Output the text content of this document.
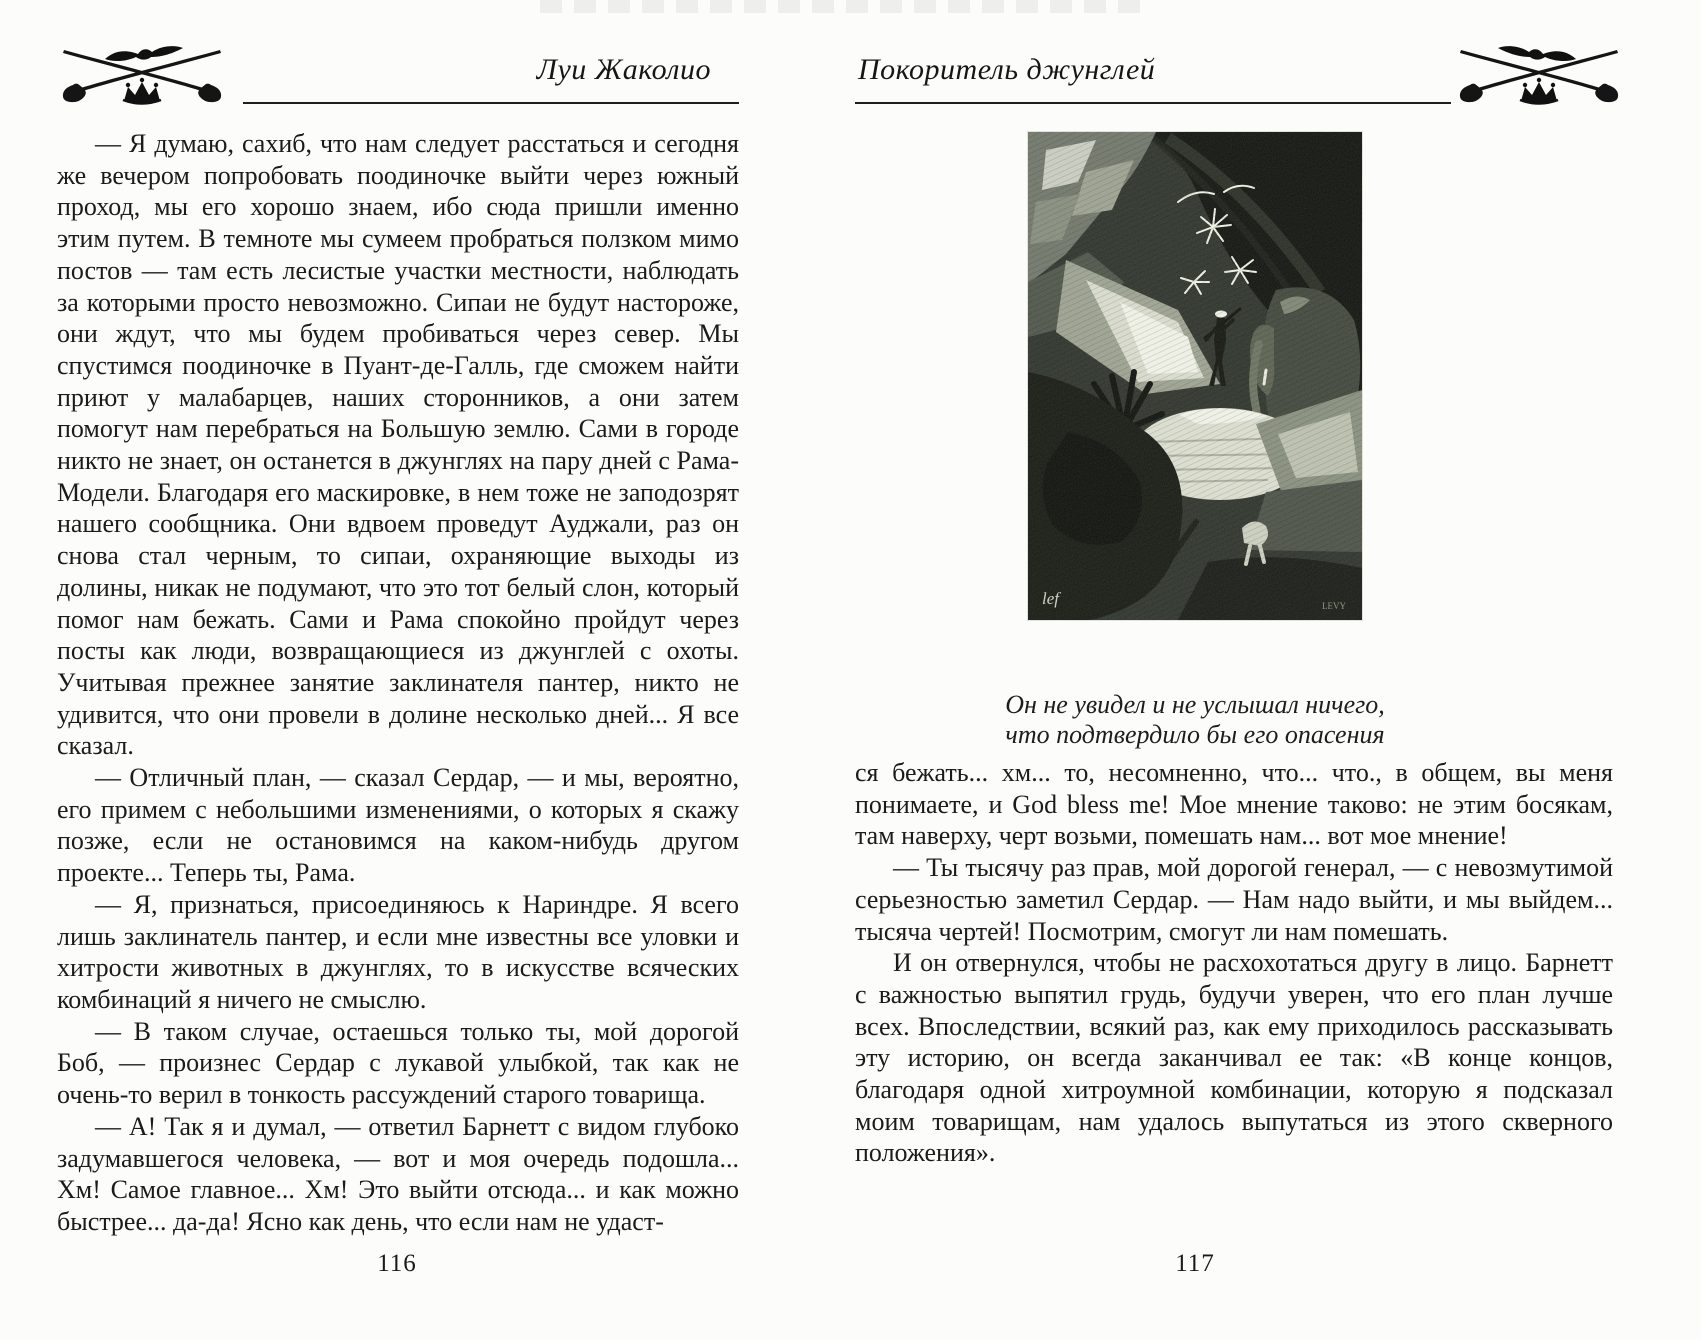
Луи Жаколио

— Я думаю, сахиб, что нам следует расстаться и сегодня же вечером попробовать поодиночке выйти через южный проход, мы его хорошо знаем, ибо сюда пришли именно этим путем. В темноте мы сумеем пробраться ползком мимо постов — там есть лесистые участки местности, наблюдать за которыми просто невозможно. Сипаи не будут настороже, они ждут, что мы будем пробиваться через север. Мы спустимся поодиночке в Пуант-де-Галль, где сможем найти приют у малабарцев, наших сторонников, а они затем помогут нам перебраться на Большую землю. Сами в городе никто не знает, он останется в джунглях на пару дней с Рама-Модели. Благодаря его маскировке, в нем тоже не заподозрят нашего сообщника. Они вдвоем проведут Ауджали, раз он снова стал черным, то сипаи, охраняющие выходы из долины, никак не подумают, что это тот белый слон, который помог нам бежать. Сами и Рама спокойно пройдут через посты как люди, возвращающиеся из джунглей с охоты. Учитывая прежнее занятие заклинателя пантер, никто не удивится, что они провели в долине несколько дней... Я все сказал.

— Отличный план, — сказал Сердар, — и мы, вероятно, его примем с небольшими изменениями, о которых я скажу позже, если не остановимся на каком-нибудь другом проекте... Теперь ты, Рама.

— Я, признаться, присоединяюсь к Нариндре. Я всего лишь заклинатель пантер, и если мне известны все уловки и хитрости животных в джунглях, то в искусстве всяческих комбинаций я ничего не смыслю.

— В таком случае, остаешься только ты, мой дорогой Боб, — произнес Сердар с лукавой улыбкой, так как не очень-то верил в тонкость рассуждений старого товарища.

— А! Так я и думал, — ответил Барнетт с видом глубоко задумавшегося человека, — вот и моя очередь подошла... Хм! Самое главное... Хм! Это выйти отсюда... и как можно быстрее... да-да! Ясно как день, что если нам не удаст-

116
Покоритель джунглей
Он не увидел и не услышал ничего,
что подтвердило бы его опасения

ся бежать... хм... то, несомненно, что... что., в общем, вы меня понимаете, и God bless me! Мое мнение таково: не этим босякам, там наверху, черт возьми, помешать нам... вот мое мнение!

— Ты тысячу раз прав, мой дорогой генерал, — с невозмутимой серьезностью заметил Сердар. — Нам надо выйти, и мы выйдем... тысяча чертей! Посмотрим, смогут ли нам помешать.

И он отвернулся, чтобы не расхохотаться другу в лицо. Барнетт с важностью выпятил грудь, будучи уверен, что его план лучше всех. Впоследствии, всякий раз, как ему приходилось рассказывать эту историю, он всегда заканчивал ее так: «В конце концов, благодаря одной хитроумной комбинации, которую я подсказал моим товарищам, нам удалось выпутаться из этого скверного положения».

117
